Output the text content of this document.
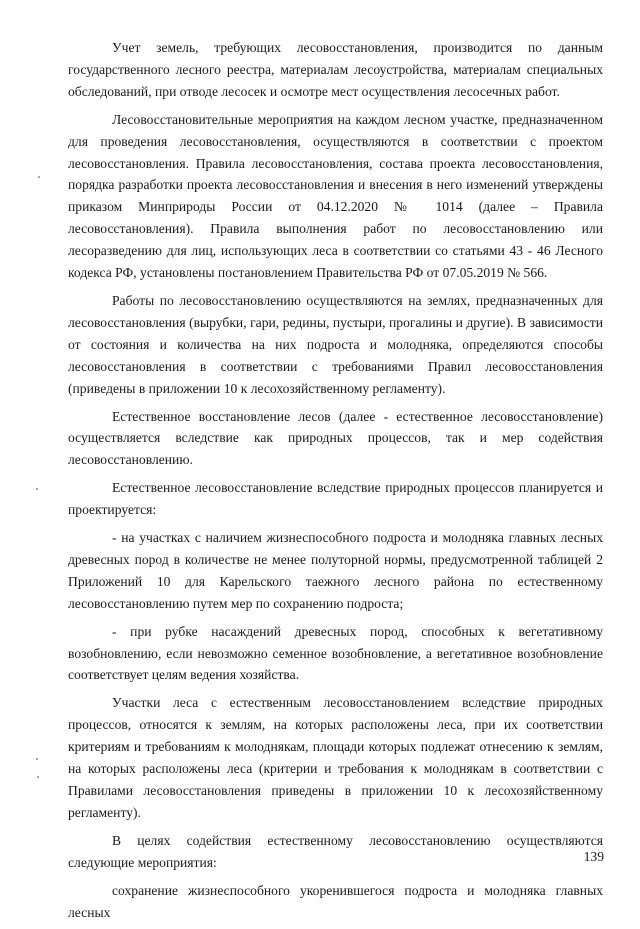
Учет земель, требующих лесовосстановления, производится по данным государственного лесного реестра, материалам лесоустройства, материалам специальных обследований, при отводе лесосек и осмотре мест осуществления лесосечных работ.

Лесовосстановительные мероприятия на каждом лесном участке, предназначенном для проведения лесовосстановления, осуществляются в соответствии с проектом лесовосстановления. Правила лесовосстановления, состава проекта лесовосстановления, порядка разработки проекта лесовосстановления и внесения в него изменений утверждены приказом Минприроды России от 04.12.2020 № 1014 (далее – Правила лесовосстановления). Правила выполнения работ по лесовосстановлению или лесоразведению для лиц, использующих леса в соответствии со статьями 43 - 46 Лесного кодекса РФ, установлены постановлением Правительства РФ от 07.05.2019 № 566.

Работы по лесовосстановлению осуществляются на землях, предназначенных для лесовосстановления (вырубки, гари, редины, пустыри, прогалины и другие). В зависимости от состояния и количества на них подроста и молодняка, определяются способы лесовосстановления в соответствии с требованиями Правил лесовосстановления (приведены в приложении 10 к лесохозяйственному регламенту).

Естественное восстановление лесов (далее - естественное лесовосстановление) осуществляется вследствие как природных процессов, так и мер содействия лесовосстановлению.

Естественное лесовосстановление вследствие природных процессов планируется и проектируется:

- на участках с наличием жизнеспособного подроста и молодняка главных лесных древесных пород в количестве не менее полуторной нормы, предусмотренной таблицей 2 Приложений 10 для Карельского таежного лесного района по естественному лесовосстановлению путем мер по сохранению подроста;

- при рубке насаждений древесных пород, способных к вегетативному возобновлению, если невозможно семенное возобновление, а вегетативное возобновление соответствует целям ведения хозяйства.

Участки леса с естественным лесовосстановлением вследствие природных процессов, относятся к землям, на которых расположены леса, при их соответствии критериям и требованиям к молоднякам, площади которых подлежат отнесению к землям, на которых расположены леса (критерии и требования к молоднякам в соответствии с Правилами лесовосстановления приведены в приложении 10 к лесохозяйственному регламенту).

В целях содействия естественному лесовосстановлению осуществляются следующие мероприятия:

сохранение жизнеспособного укоренившегося подроста и молодняка главных лесных

139
